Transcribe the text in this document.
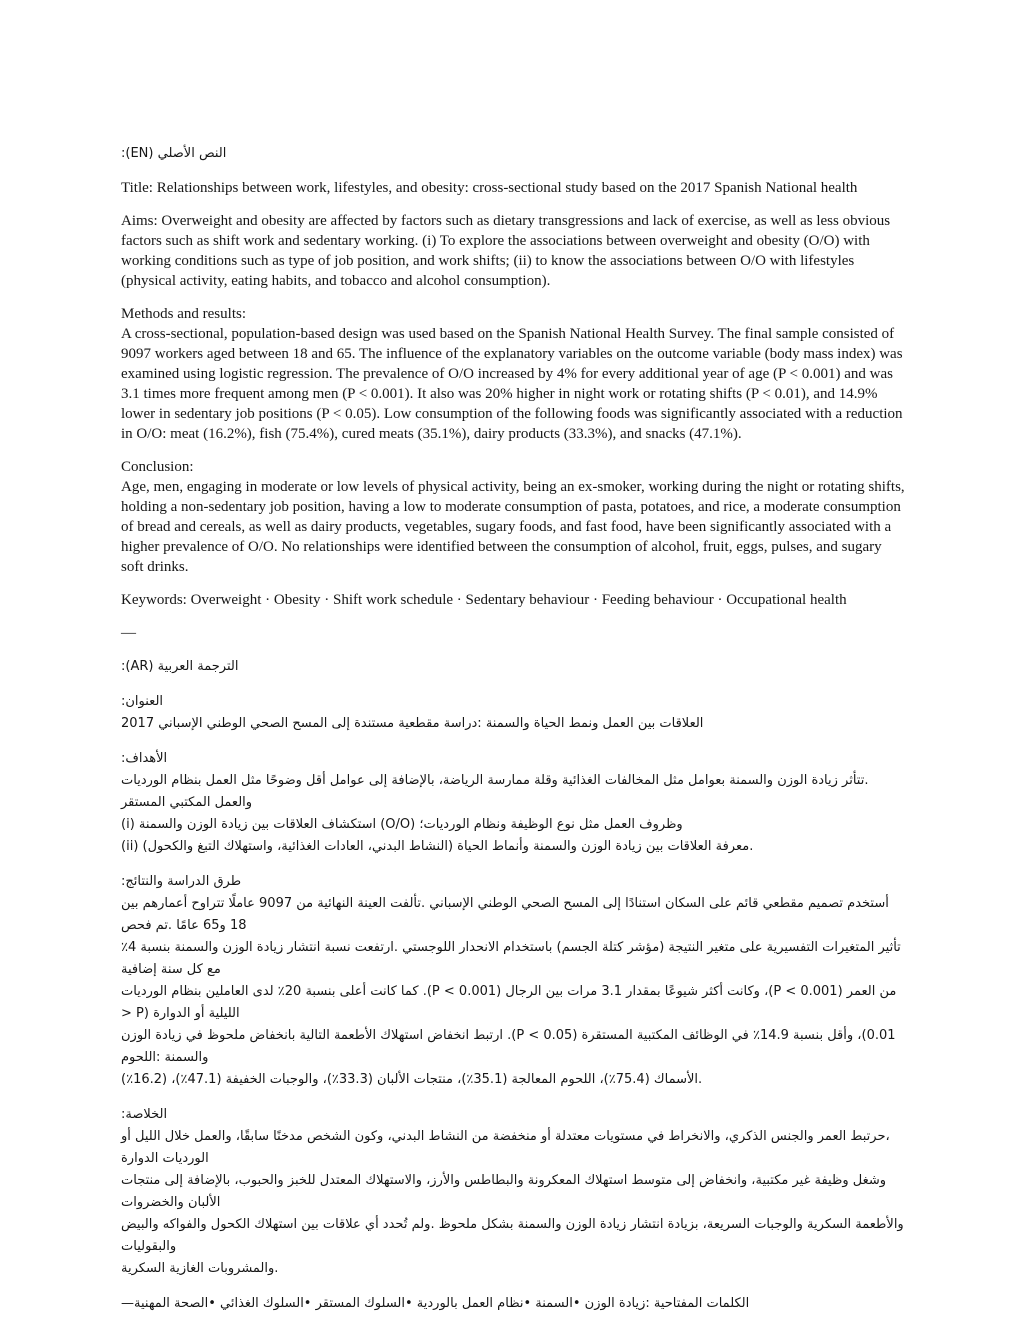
النص الأصلي (EN):
Title: Relationships between work, lifestyles, and obesity: cross-sectional study based on the 2017 Spanish National health
Aims: Overweight and obesity are affected by factors such as dietary transgressions and lack of exercise, as well as less obvious factors such as shift work and sedentary working. (i) To explore the associations between overweight and obesity (O/O) with working conditions such as type of job position, and work shifts; (ii) to know the associations between O/O with lifestyles (physical activity, eating habits, and tobacco and alcohol consumption).
Methods and results:
A cross-sectional, population-based design was used based on the Spanish National Health Survey. The final sample consisted of 9097 workers aged between 18 and 65. The influence of the explanatory variables on the outcome variable (body mass index) was examined using logistic regression. The prevalence of O/O increased by 4% for every additional year of age (P < 0.001) and was 3.1 times more frequent among men (P < 0.001). It also was 20% higher in night work or rotating shifts (P < 0.01), and 14.9% lower in sedentary job positions (P < 0.05). Low consumption of the following foods was significantly associated with a reduction in O/O: meat (16.2%), fish (75.4%), cured meats (35.1%), dairy products (33.3%), and snacks (47.1%).
Conclusion:
Age, men, engaging in moderate or low levels of physical activity, being an ex-smoker, working during the night or rotating shifts, holding a non-sedentary job position, having a low to moderate consumption of pasta, potatoes, and rice, a moderate consumption of bread and cereals, as well as dairy products, vegetables, sugary foods, and fast food, have been significantly associated with a higher prevalence of O/O. No relationships were identified between the consumption of alcohol, fruit, eggs, pulses, and sugary soft drinks.
Keywords: Overweight · Obesity · Shift work schedule · Sedentary behaviour · Feeding behaviour · Occupational health
—
الترجمة العربية (AR):
العنوان:
العلاقات بين العمل ونمط الحياة والسمنة :دراسة مقطعية مستندة إلى المسح الصحي الوطني الإسباني 2017
الأهداف:
.تتأثر زيادة الوزن والسمنة بعوامل مثل المخالفات الغذائية وقلة ممارسة الرياضة، بالإضافة إلى عوامل أقل وضوحًا مثل العمل بنظام الورديات والعمل المكتبي المستقر
وظروف العمل مثل نوع الوظيفة ونظام الورديات؛ (O/O) استكشاف العلاقات بين زيادة الوزن والسمنة (i)
.معرفة العلاقات بين زيادة الوزن والسمنة وأنماط الحياة (النشاط البدني، العادات الغذائية، واستهلاك التبغ والكحول) (ii)
طرق الدراسة والنتائج:
أستخدم تصميم مقطعي قائم على السكان استنادًا إلى المسح الصحي الوطني الإسباني .تألفت العينة النهائية من 9097 عاملًا تتراوح أعمارهم بين 18 و65 عامًا .تم فحص
تأثير المتغيرات التفسيرية على متغير النتيجة (مؤشر كتلة الجسم) باستخدام الانحدار اللوجستي .ارتفعت نسبة انتشار زيادة الوزن والسمنة بنسبة 4٪ مع كل سنة إضافية
من العمر (P < 0.001)، وكانت أكثر شيوعًا بمقدار 3.1 مرات بين الرجال (P < 0.001). كما كانت أعلى بنسبة 20٪ لدى العاملين بنظام الورديات الليلية أو الدوارة (P <
0.01)، وأقل بنسبة 14.9٪ في الوظائف المكتبية المستقرة (P < 0.05). ارتبط انخفاض استهلاك الأطعمة التالية بانخفاض ملحوظ في زيادة الوزن والسمنة :اللحوم
.الأسماك (75.4٪)، اللحوم المعالجة (35.1٪)، منتجات الألبان (33.3٪)، والوجبات الخفيفة (47.1٪)، (16.2٪)
الخلاصة:
،حرتبط العمر والجنس الذكري، والانخراط في مستويات معتدلة أو منخفضة من النشاط البدني، وكون الشخص مدخنًا سابقًا، والعمل خلال الليل أو الورديات الدوارة
وشغل وظيفة غير مكتبية، وانخفاض إلى متوسط استهلاك المعكرونة والبطاطس والأرز، والاستهلاك المعتدل للخبز والحبوب، بالإضافة إلى منتجات الألبان والخضروات
والأطعمة السكرية والوجبات السريعة، بزيادة انتشار زيادة الوزن والسمنة بشكل ملحوظ .ولم تُحدد أي علاقات بين استهلاك الكحول والفواكه والبيض والبقوليات
.والمشروبات الغازية السكرية
الكلمات المفتاحية :زيادة الوزن •السمنة •نظام العمل بالوردية •السلوك المستقر •السلوك الغذائي •الصحة المهنية—
